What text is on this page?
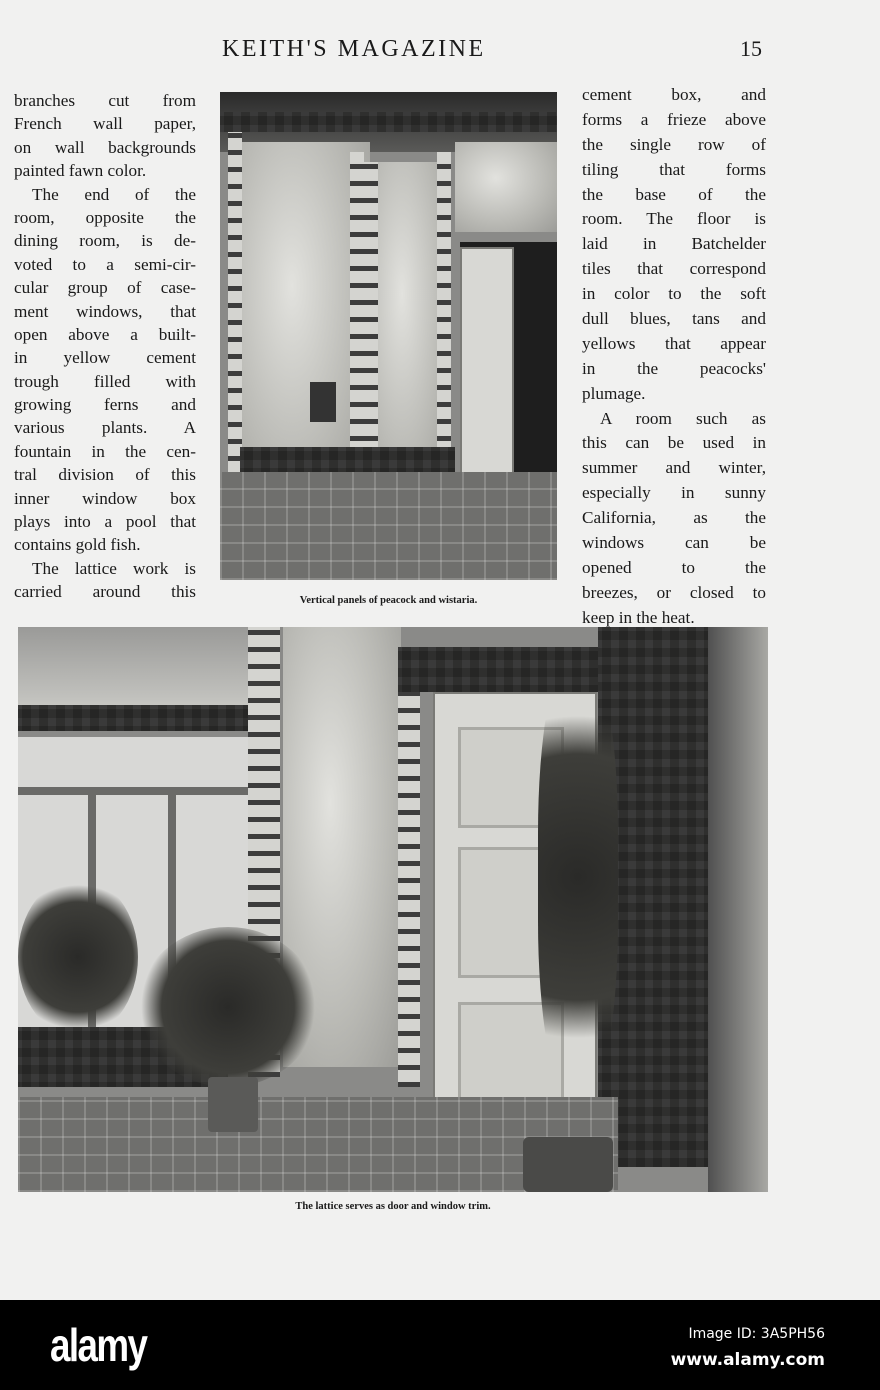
KEITH'S MAGAZINE	15
branches cut from
French wall paper,
on wall backgrounds
painted fawn color.
The end of the
room, opposite the
dining room, is de-
voted to a semi-cir-
cular group of case-
ment windows, that
open above a built-
in yellow cement
trough filled with
growing ferns and
various plants. A
fountain in the cen-
tral division of this
inner window box
plays into a pool that
contains gold fish.
The lattice work is
carried around this
cement box, and
forms a frieze above
the single row of
tiling that forms
the base of the
room. The floor is
laid in Batchelder
tiles that correspond
in color to the soft
dull blues, tans and
yellows that appear
in the peacocks'
plumage.
A room such as
this can be used in
summer and winter,
especially in sunny
California, as the
windows can be
opened to the
breezes, or closed to
keep in the heat.
Vertical panels of peacock and wistaria.
The lattice serves as door and window trim.
alamy	Image ID: 3A5PH56
www.alamy.com
